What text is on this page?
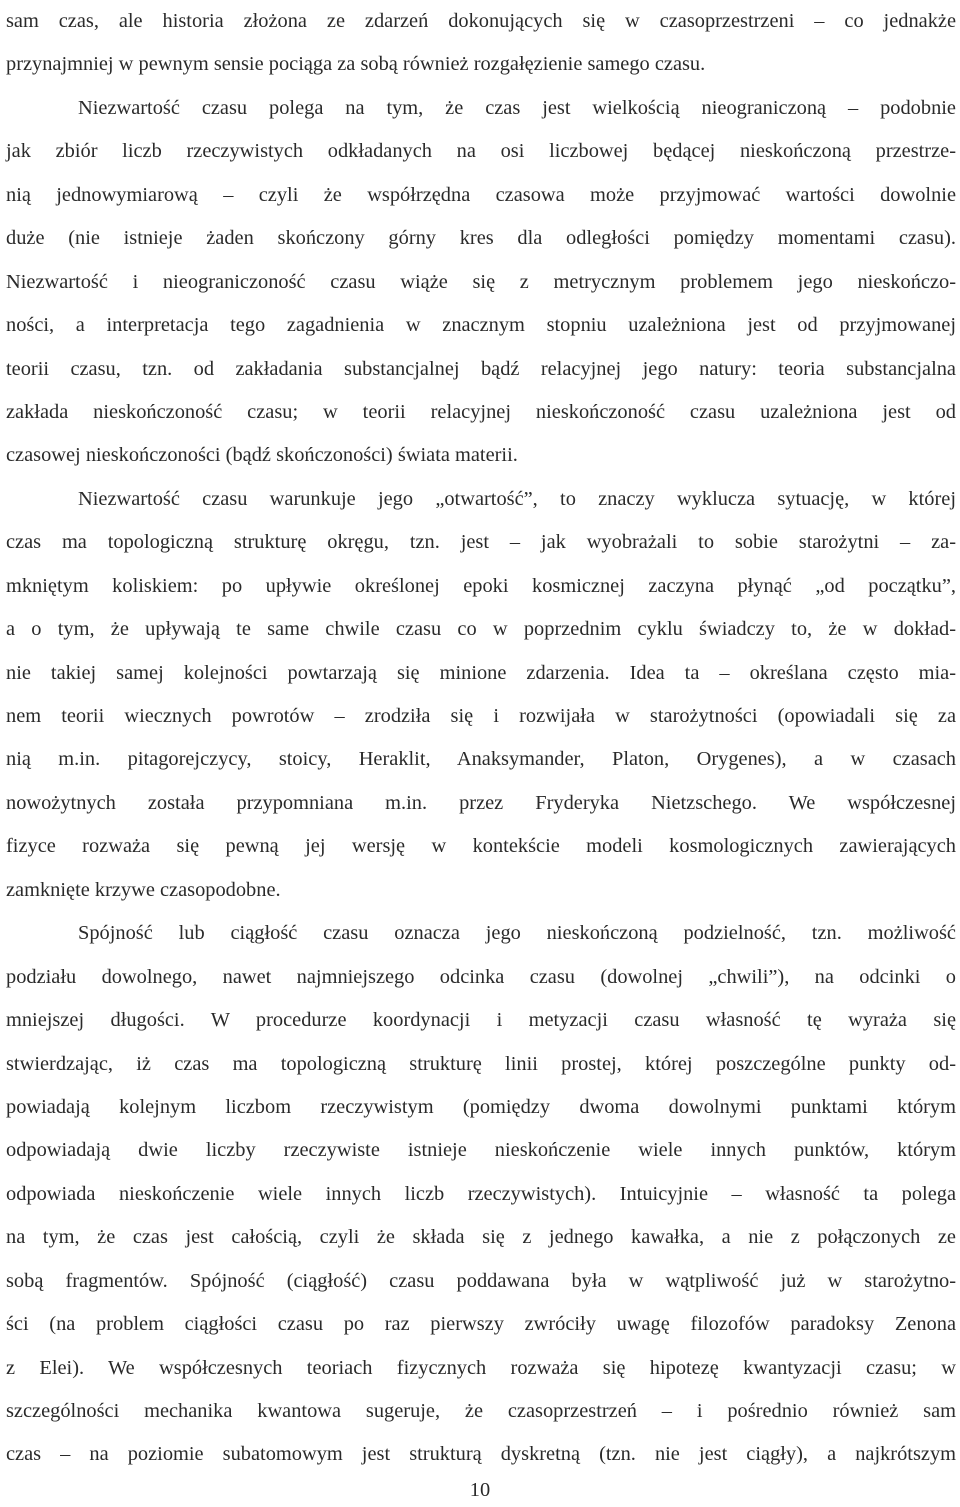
sam czas, ale historia złożona ze zdarzeń dokonujących się w czasoprzestrzeni – co jednakże
przynajmniej w pewnym sensie pociąga za sobą również rozgałęzienie samego czasu.
Niezwartość czasu polega na tym, że czas jest wielkością nieograniczoną – podobnie
jak zbiór liczb rzeczywistych odkładanych na osi liczbowej będącej nieskończoną przestrze-
nią jednowymiarową – czyli że współrzędna czasowa może przyjmować wartości dowolnie
duże (nie istnieje żaden skończony górny kres dla odległości pomiędzy momentami czasu).
Niezwartość i nieograniczoność czasu wiąże się z metrycznym problemem jego nieskończo-
ności, a interpretacja tego zagadnienia w znacznym stopniu uzależniona jest od przyjmowanej
teorii czasu, tzn. od zakładania substancjalnej bądź relacyjnej jego natury: teoria substancjalna
zakłada nieskończoność czasu; w teorii relacyjnej nieskończoność czasu uzależniona jest od
czasowej nieskończoności (bądź skończoności) świata materii.
Niezwartość czasu warunkuje jego „otwartość”, to znaczy wyklucza sytuację, w której
czas ma topologiczną strukturę okręgu, tzn. jest – jak wyobrażali to sobie starożytni – za-
mkniętym koliskiem: po upływie określonej epoki kosmicznej zaczyna płynąć „od początku”,
a o tym, że upływają te same chwile czasu co w poprzednim cyklu świadczy to, że w dokład-
nie takiej samej kolejności powtarzają się minione zdarzenia. Idea ta – określana często mia-
nem teorii wiecznych powrotów – zrodziła się i rozwijała w starożytności (opowiadali się za
nią m.in. pitagorejczycy, stoicy, Heraklit, Anaksymander, Platon, Orygenes), a w czasach
nowożytnych została przypomniana m.in. przez Fryderyka Nietzschego. We współczesnej
fizyce rozważa się pewną jej wersję w kontekście modeli kosmologicznych zawierających
zamknięte krzywe czasopodobne.
Spójność lub ciągłość czasu oznacza jego nieskończoną podzielność, tzn. możliwość
podziału dowolnego, nawet najmniejszego odcinka czasu (dowolnej „chwili”), na odcinki o
mniejszej długości. W procedurze koordynacji i metyzacji czasu własność tę wyraża się
stwierdzając, iż czas ma topologiczną strukturę linii prostej, której poszczególne punkty od-
powiadają kolejnym liczbom rzeczywistym (pomiędzy dwoma dowolnymi punktami którym
odpowiadają dwie liczby rzeczywiste istnieje nieskończenie wiele innych punktów, którym
odpowiada nieskończenie wiele innych liczb rzeczywistych). Intuicyjnie – własność ta polega
na tym, że czas jest całością, czyli że składa się z jednego kawałka, a nie z połączonych ze
sobą fragmentów. Spójność (ciągłość) czasu poddawana była w wątpliwość już w starożytno-
ści (na problem ciągłości czasu po raz pierwszy zwróciły uwagę filozofów paradoksy Zenona
z Elei). We współczesnych teoriach fizycznych rozważa się hipotezę kwantyzacji czasu; w
szczególności mechanika kwantowa sugeruje, że czasoprzestrzeń – i pośrednio również sam
czas – na poziomie subatomowym jest strukturą dyskretną (tzn. nie jest ciągły), a najkrótszym
10
